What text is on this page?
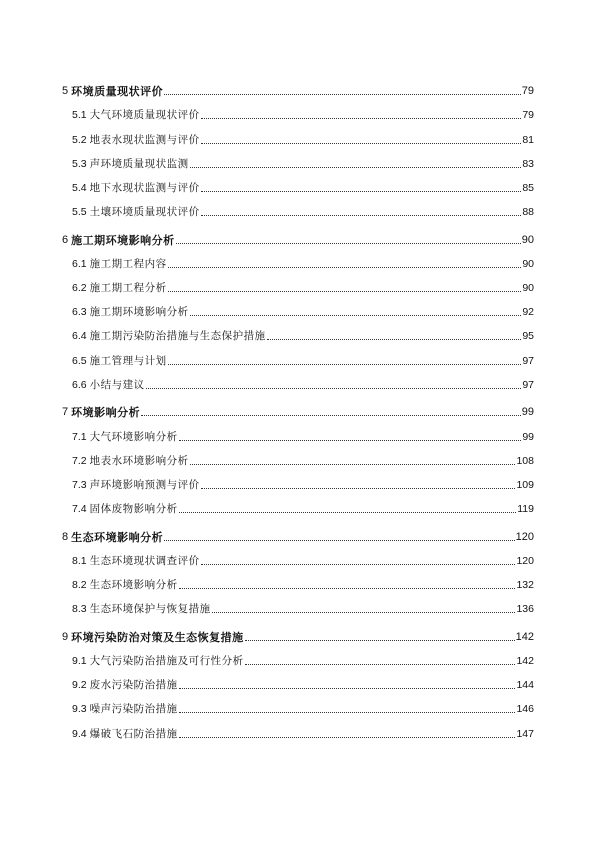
5 环境质量现状评价	79
5.1 大气环境质量现状评价	79
5.2 地表水现状监测与评价	81
5.3 声环境质量现状监测	83
5.4 地下水现状监测与评价	85
5.5 土壤环境质量现状评价	88
6 施工期环境影响分析	90
6.1 施工期工程内容	90
6.2 施工期工程分析	90
6.3 施工期环境影响分析	92
6.4 施工期污染防治措施与生态保护措施	95
6.5 施工管理与计划	97
6.6 小结与建议	97
7 环境影响分析	99
7.1 大气环境影响分析	99
7.2 地表水环境影响分析	108
7.3 声环境影响预测与评价	109
7.4 固体废物影响分析	119
8 生态环境影响分析	120
8.1 生态环境现状调查评价	120
8.2 生态环境影响分析	132
8.3 生态环境保护与恢复措施	136
9 环境污染防治对策及生态恢复措施	142
9.1 大气污染防治措施及可行性分析	142
9.2 废水污染防治措施	144
9.3 噪声污染防治措施	146
9.4 爆破飞石防治措施	147
